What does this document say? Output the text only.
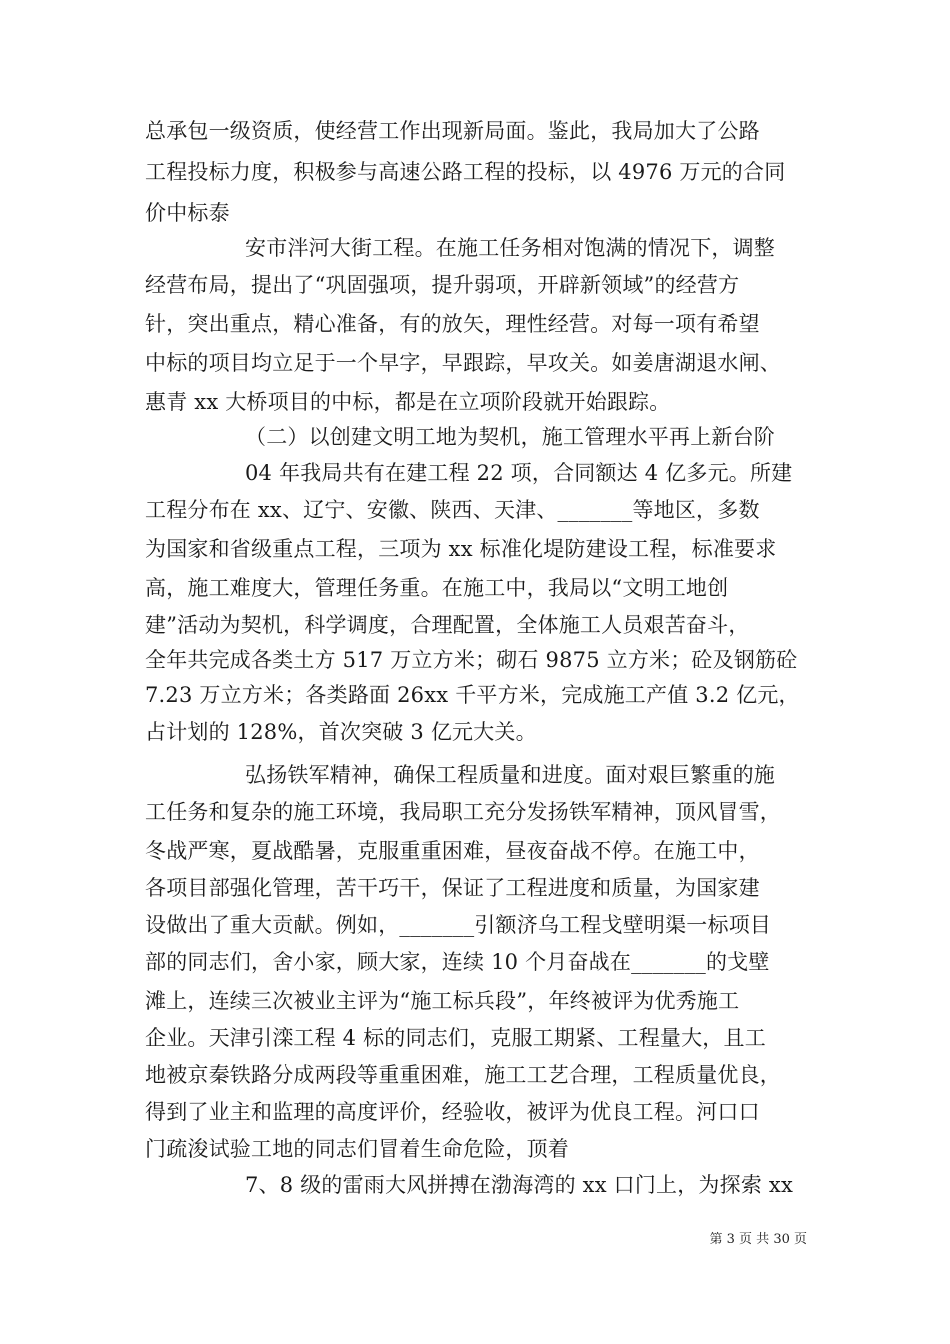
总承包一级资质，使经营工作出现新局面。鉴此，我局加大了公路
工程投标力度，积极参与高速公路工程的投标，以 4976 万元的合同
价中标泰
安市泮河大街工程。在施工任务相对饱满的情况下，调整
经营布局，提出了“巩固强项，提升弱项，开辟新领域”的经营方
针，突出重点，精心准备，有的放矢，理性经营。对每一项有希望
中标的项目均立足于一个早字，早跟踪，早攻关。如姜唐湖退水闸、
惠青 xx 大桥项目的中标，都是在立项阶段就开始跟踪。
（二）以创建文明工地为契机，施工管理水平再上新台阶
04 年我局共有在建工程 22 项，合同额达 4 亿多元。所建
工程分布在 xx、辽宁、安徽、陕西、天津、_______等地区，多数
为国家和省级重点工程，三项为 xx 标准化堤防建设工程，标准要求
高，施工难度大，管理任务重。在施工中，我局以“文明工地创
建”活动为契机，科学调度，合理配置，全体施工人员艰苦奋斗，
全年共完成各类土方 517 万立方米；砌石 9875 立方米；砼及钢筋砼
7.23 万立方米；各类路面 26xx 千平方米，完成施工产值 3.2 亿元，
占计划的 128%，首次突破 3 亿元大关。
弘扬铁军精神，确保工程质量和进度。面对艰巨繁重的施
工任务和复杂的施工环境，我局职工充分发扬铁军精神，顶风冒雪，
冬战严寒，夏战酷暑，克服重重困难，昼夜奋战不停。在施工中，
各项目部强化管理，苦干巧干，保证了工程进度和质量，为国家建
设做出了重大贡献。例如，_______引额济乌工程戈壁明渠一标项目
部的同志们，舍小家，顾大家，连续 10 个月奋战在_______的戈壁
滩上，连续三次被业主评为“施工标兵段”，年终被评为优秀施工
企业。天津引滦工程 4 标的同志们，克服工期紧、工程量大，且工
地被京秦铁路分成两段等重重困难，施工工艺合理，工程质量优良，
得到了业主和监理的高度评价，经验收，被评为优良工程。河口口
门疏浚试验工地的同志们冒着生命危险，顶着
7、8 级的雷雨大风拼搏在渤海湾的 xx 口门上，为探索 xx
第 3 页 共 30 页
